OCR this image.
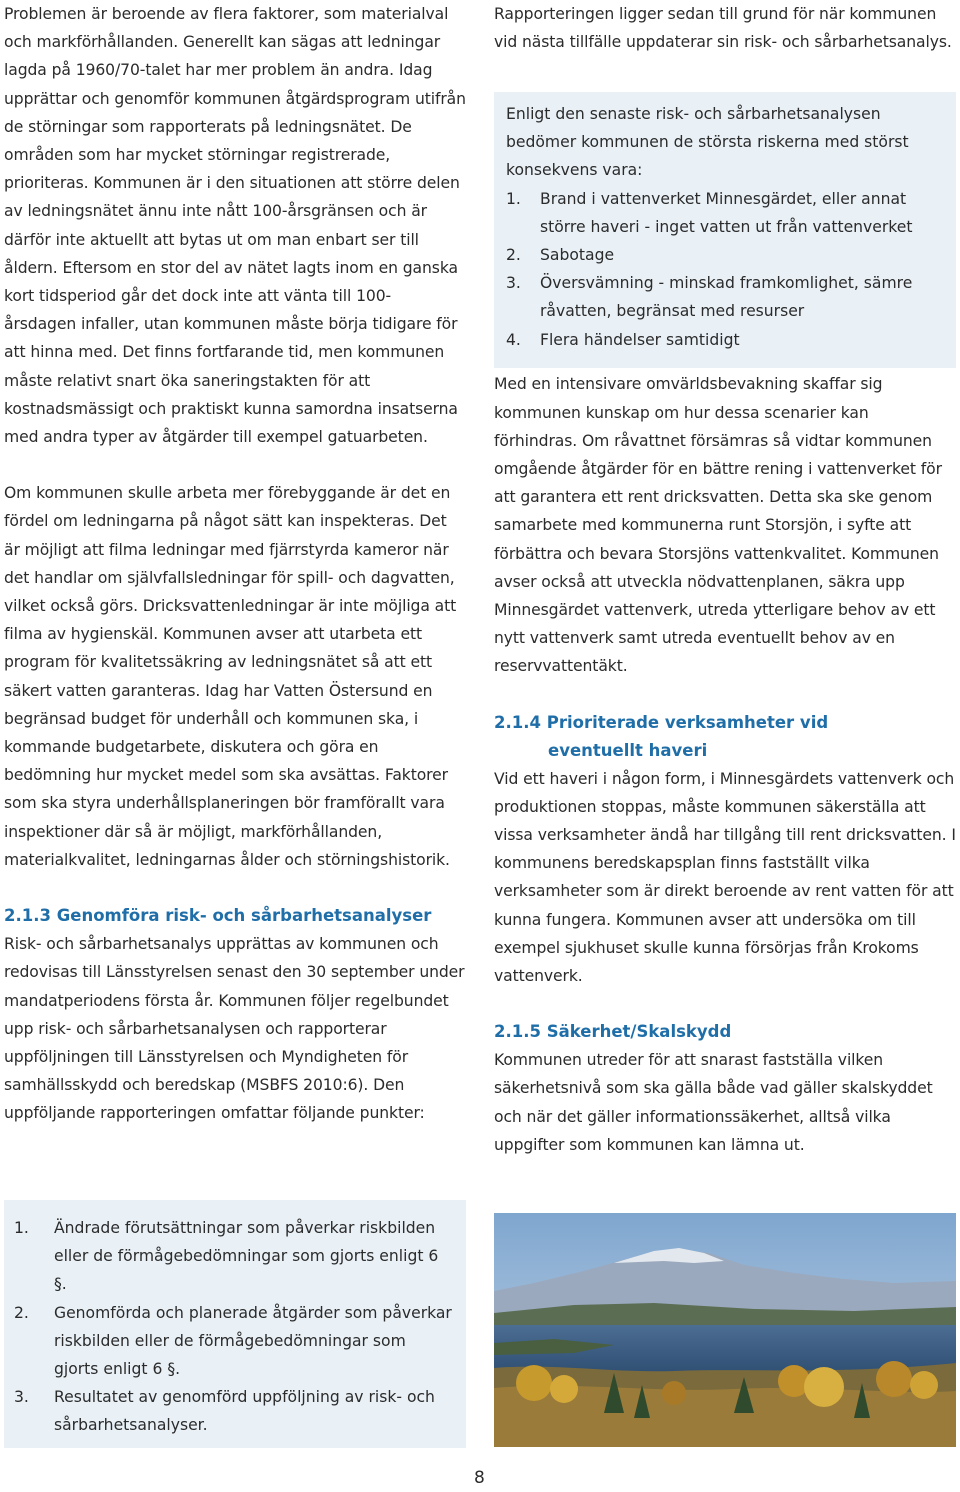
Problemen är beroende av flera faktorer, som materialval och markförhållanden. Generellt kan sägas att ledningar lagda på 1960/70-talet har mer problem än andra. Idag upprättar och genomför kommunen åtgärdsprogram utifrån de störningar som rapporterats på ledningsnätet. De områden som har mycket störningar registrerade, prioriteras. Kommunen är i den situationen att större delen av ledningsnätet ännu inte nått 100-årsgränsen och är därför inte aktuellt att bytas ut om man enbart ser till åldern. Eftersom en stor del av nätet lagts inom en ganska kort tidsperiod går det dock inte att vänta till 100- årsdagen infaller, utan kommunen måste börja tidigare för att hinna med. Det finns fortfarande tid, men kommunen måste relativt snart öka saneringstakten för att kostnadsmässigt och praktiskt kunna samordna insatserna med andra typer av åtgärder till exempel gatuarbeten.

Om kommunen skulle arbeta mer förebyggande är det en fördel om ledningarna på något sätt kan inspekteras. Det är möjligt att filma ledningar med fjärrstyrda kameror när det handlar om självfallsledningar för spill- och dagvatten, vilket också görs. Dricksvattenledningar är inte möjliga att filma av hygienskäl. Kommunen avser att utarbeta ett program för kvalitetssäkring av ledningsnätet så att ett säkert vatten garanteras. Idag har Vatten Östersund en begränsad budget för underhåll och kommunen ska, i kommande budgetarbete, diskutera och göra en bedömning hur mycket medel som ska avsättas. Faktorer som ska styra underhållsplaneringen bör framförallt vara inspektioner där så är möjligt, markförhållanden, materialkvalitet, ledningarnas ålder och störningshistorik.

2.1.3 Genomföra risk- och sårbarhetsanalyser

Risk- och sårbarhetsanalys upprättas av kommunen och redovisas till Länsstyrelsen senast den 30 september under mandatperiodens första år. Kommunen följer regelbundet upp risk- och sårbarhetsanalysen och rapporterar uppföljningen till Länsstyrelsen och Myndigheten för samhällsskydd och beredskap (MSBFS 2010:6). Den uppföljande rapporteringen omfattar följande punkter:

1.	Ändrade förutsättningar som påverkar riskbilden eller de förmågebedömningar som gjorts enligt 6 §.
2.	Genomförda och planerade åtgärder som påverkar riskbilden eller de förmågebedömningar som gjorts enligt 6 §.
3.	Resultatet av genomförd uppföljning av risk- och sårbarhetsanalyser.

Rapporteringen ligger sedan till grund för när kommunen vid nästa tillfälle uppdaterar sin risk- och sårbarhetsanalys.

Med en intensivare omvärldsbevakning skaffar sig kommunen kunskap om hur dessa scenarier kan förhindras. Om råvattnet försämras så vidtar kommunen omgående åtgärder för en bättre rening i vattenverket för att garantera ett rent dricksvatten. Detta ska ske genom samarbete med kommunerna runt Storsjön, i syfte att förbättra och bevara Storsjöns vattenkvalitet. Kommunen avser också att utveckla nödvattenplanen, säkra upp Minnesgärdet vattenverk, utreda ytterligare behov av ett nytt vattenverk samt utreda eventuellt behov av en reservvattentäkt.

2.1.4 Prioriterade verksamheter vid
eventuellt haveri

Vid ett haveri i någon form, i Minnesgärdets vattenverk och produktionen stoppas, måste kommunen säkerställa att vissa verksamheter ändå har tillgång till rent dricksvatten. I kommunens beredskapsplan finns fastställt vilka verksamheter som är direkt beroende av rent vatten för att kunna fungera. Kommunen avser att undersöka om till exempel sjukhuset skulle kunna försörjas från Krokoms vattenverk.

2.1.5 Säkerhet/Skalskydd

Kommunen utreder för att snarast fastställa vilken säkerhetsnivå som ska gälla både vad gäller skalskyddet och när det gäller informationssäkerhet, alltså vilka uppgifter som kommunen kan lämna ut.

Enligt den senaste risk- och sårbarhetsanalysen bedömer kommunen de största riskerna med störst konsekvens vara:

1.	Brand i vattenverket Minnesgärdet, eller annat större haveri - inget vatten ut från vattenverket
2.	Sabotage
3.	Översvämning - minskad framkomlighet, sämre råvatten, begränsat med resurser
4.	Flera händelser samtidigt
8
